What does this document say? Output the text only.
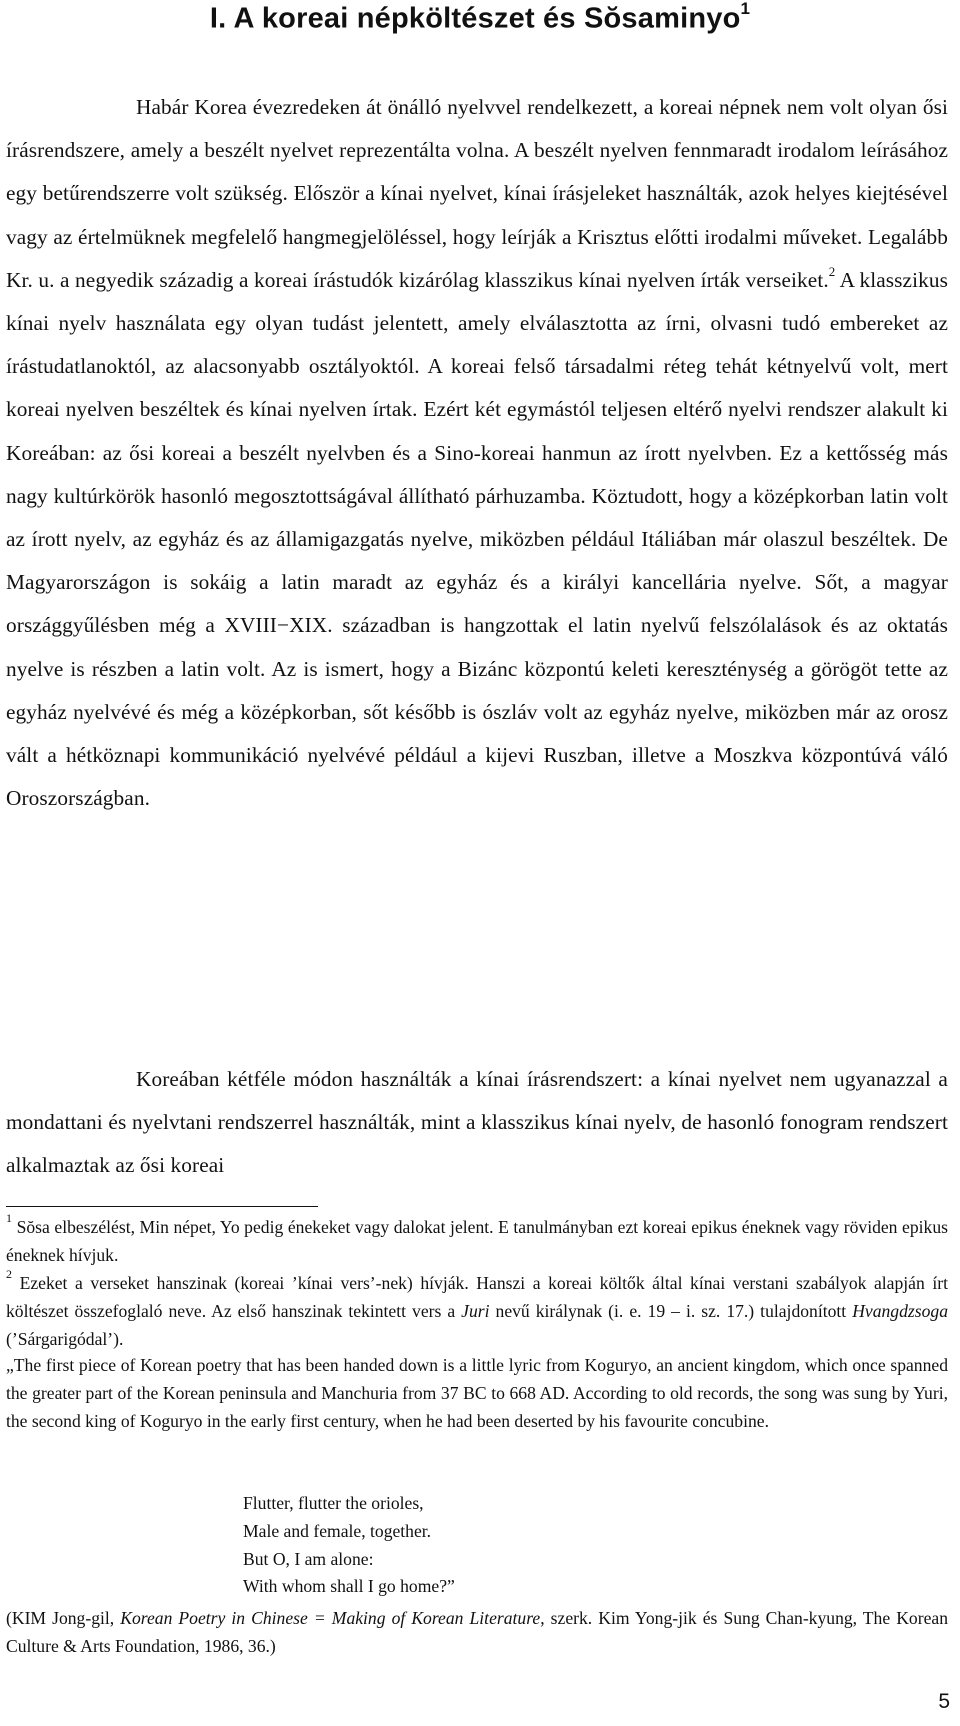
I. A koreai népköltészet és Sŏsaminyo$^1$
Habár Korea évezredeken át önálló nyelvvel rendelkezett, a koreai népnek nem volt olyan ősi írásrendszere, amely a beszélt nyelvet reprezentálta volna. A beszélt nyelven fennmaradt irodalom leírásához egy betűrendszerre volt szükség. Először a kínai nyelvet, kínai írásjeleket használták, azok helyes kiejtésével vagy az értelmüknek megfelelő hangmegjelöléssel, hogy leírják a Krisztus előtti irodalmi műveket. Legalább Kr. u. a negyedik századig a koreai írástudók kizárólag klasszikus kínai nyelven írták verseiket.$^2$ A klasszikus kínai nyelv használata egy olyan tudást jelentett, amely elválasztotta az írni, olvasni tudó embereket az írástudatlanoktól, az alacsonyabb osztályoktól. A koreai felső társadalmi réteg tehát kétnyelvű volt, mert koreai nyelven beszéltek és kínai nyelven írtak. Ezért két egymástól teljesen eltérő nyelvi rendszer alakult ki Koreában: az ősi koreai a beszélt nyelvben és a Sino-koreai hanmun az írott nyelvben. Ez a kettősség más nagy kultúrkörök hasonló megosztottságával állítható párhuzamba. Köztudott, hogy a középkorban latin volt az írott nyelv, az egyház és az államigazgatás nyelve, miközben például Itáliában már olaszul beszéltek. De Magyarországon is sokáig a latin maradt az egyház és a királyi kancellária nyelve. Sőt, a magyar országgyűlésben még a XVIII−XIX. században is hangzottak el latin nyelvű felszólalások és az oktatás nyelve is részben a latin volt. Az is ismert, hogy a Bizánc központú keleti kereszténység a görögöt tette az egyház nyelvévé és még a középkorban, sőt később is ószláv volt az egyház nyelve, miközben már az orosz vált a hétköznapi kommunikáció nyelvévé például a kijevi Ruszban, illetve a Moszkva központúvá váló Oroszországban.
Koreában kétféle módon használták a kínai írásrendszert: a kínai nyelvet nem ugyanazzal a mondattani és nyelvtani rendszerrel használták, mint a klasszikus kínai nyelv, de hasonló fonogram rendszert alkalmaztak az ősi koreai
$^1$ Sŏsa elbeszélést, Min népet, Yo pedig énekeket vagy dalokat jelent. E tanulmányban ezt koreai epikus éneknek vagy röviden epikus éneknek hívjuk.
$^2$ Ezeket a verseket hanszinak (koreai ’kínai vers’-nek) hívják. Hanszi a koreai költők által kínai verstani szabályok alapján írt költészet összefoglaló neve. Az első hanszinak tekintett vers a Juri nevű királynak (i. e. 19 – i. sz. 17.) tulajdonított Hvangdzsoga (’Sárgarigódal’).
„The first piece of Korean poetry that has been handed down is a little lyric from Koguryo, an ancient kingdom, which once spanned the greater part of the Korean peninsula and Manchuria from 37 BC to 668 AD. According to old records, the song was sung by Yuri, the second king of Koguryo in the early first century, when he had been deserted by his favourite concubine.
Flutter, flutter the orioles,
Male and female, together.
But O, I am alone:
With whom shall I go home?”
(KIM Jong-gil, Korean Poetry in Chinese = Making of Korean Literature, szerk. Kim Yong-jik és Sung Chan-kyung, The Korean Culture & Arts Foundation, 1986, 36.)
5
